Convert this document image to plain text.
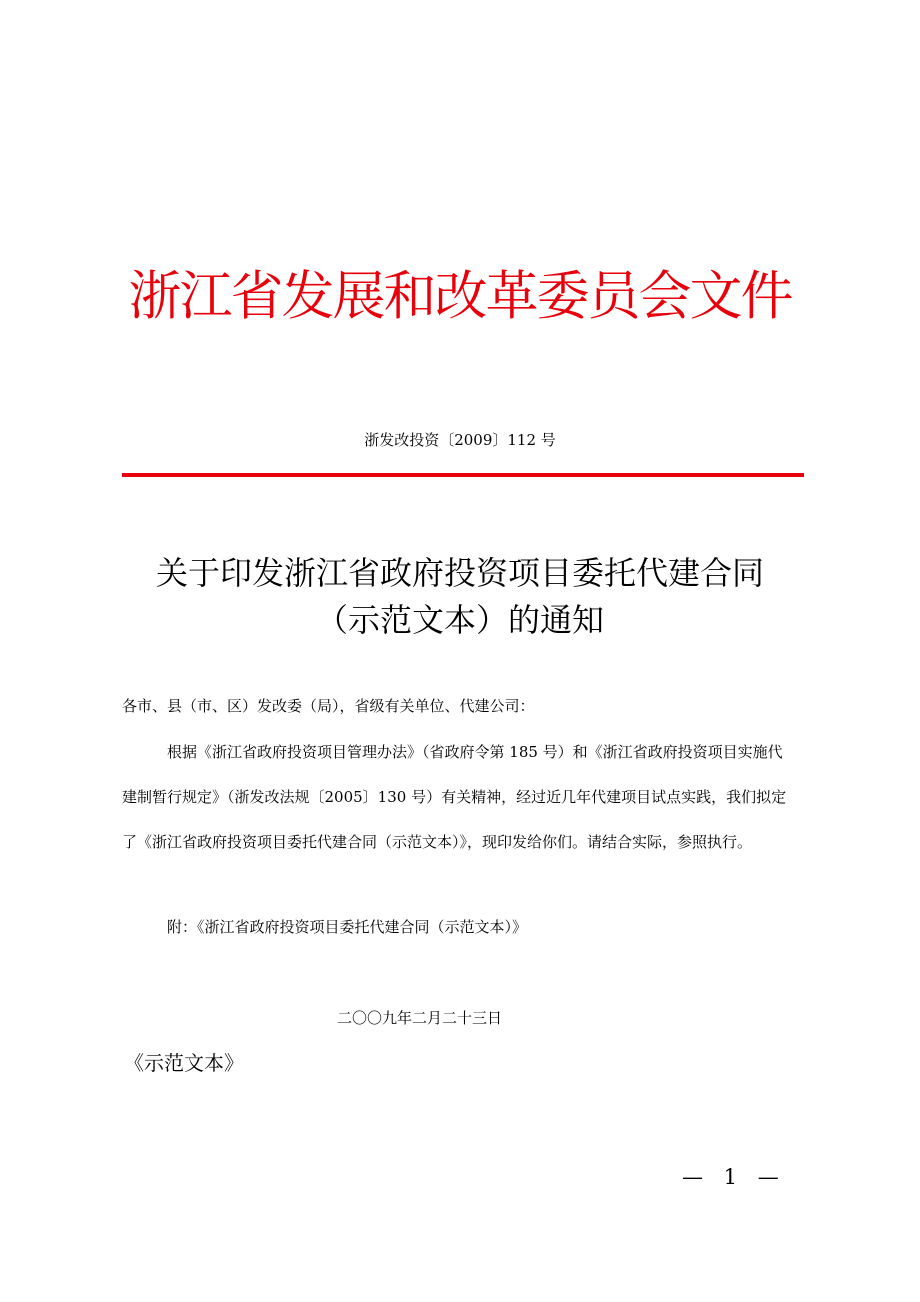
浙江省发展和改革委员会文件
浙发改投资〔2009〕112 号
关于印发浙江省政府投资项目委托代建合同
（示范文本）的通知
各市、县（市、区）发改委（局），省级有关单位、代建公司：
根据《浙江省政府投资项目管理办法》（省政府令第 185 号）和《浙江省政府投资项目实施代
建制暂行规定》（浙发改法规〔2005〕130 号）有关精神，经过近几年代建项目试点实践，我们拟定
了《浙江省政府投资项目委托代建合同（示范文本）》，现印发给你们。请结合实际，参照执行。
附：《浙江省政府投资项目委托代建合同（示范文本）》
二〇〇九年二月二十三日
《示范文本》
— 1 —
